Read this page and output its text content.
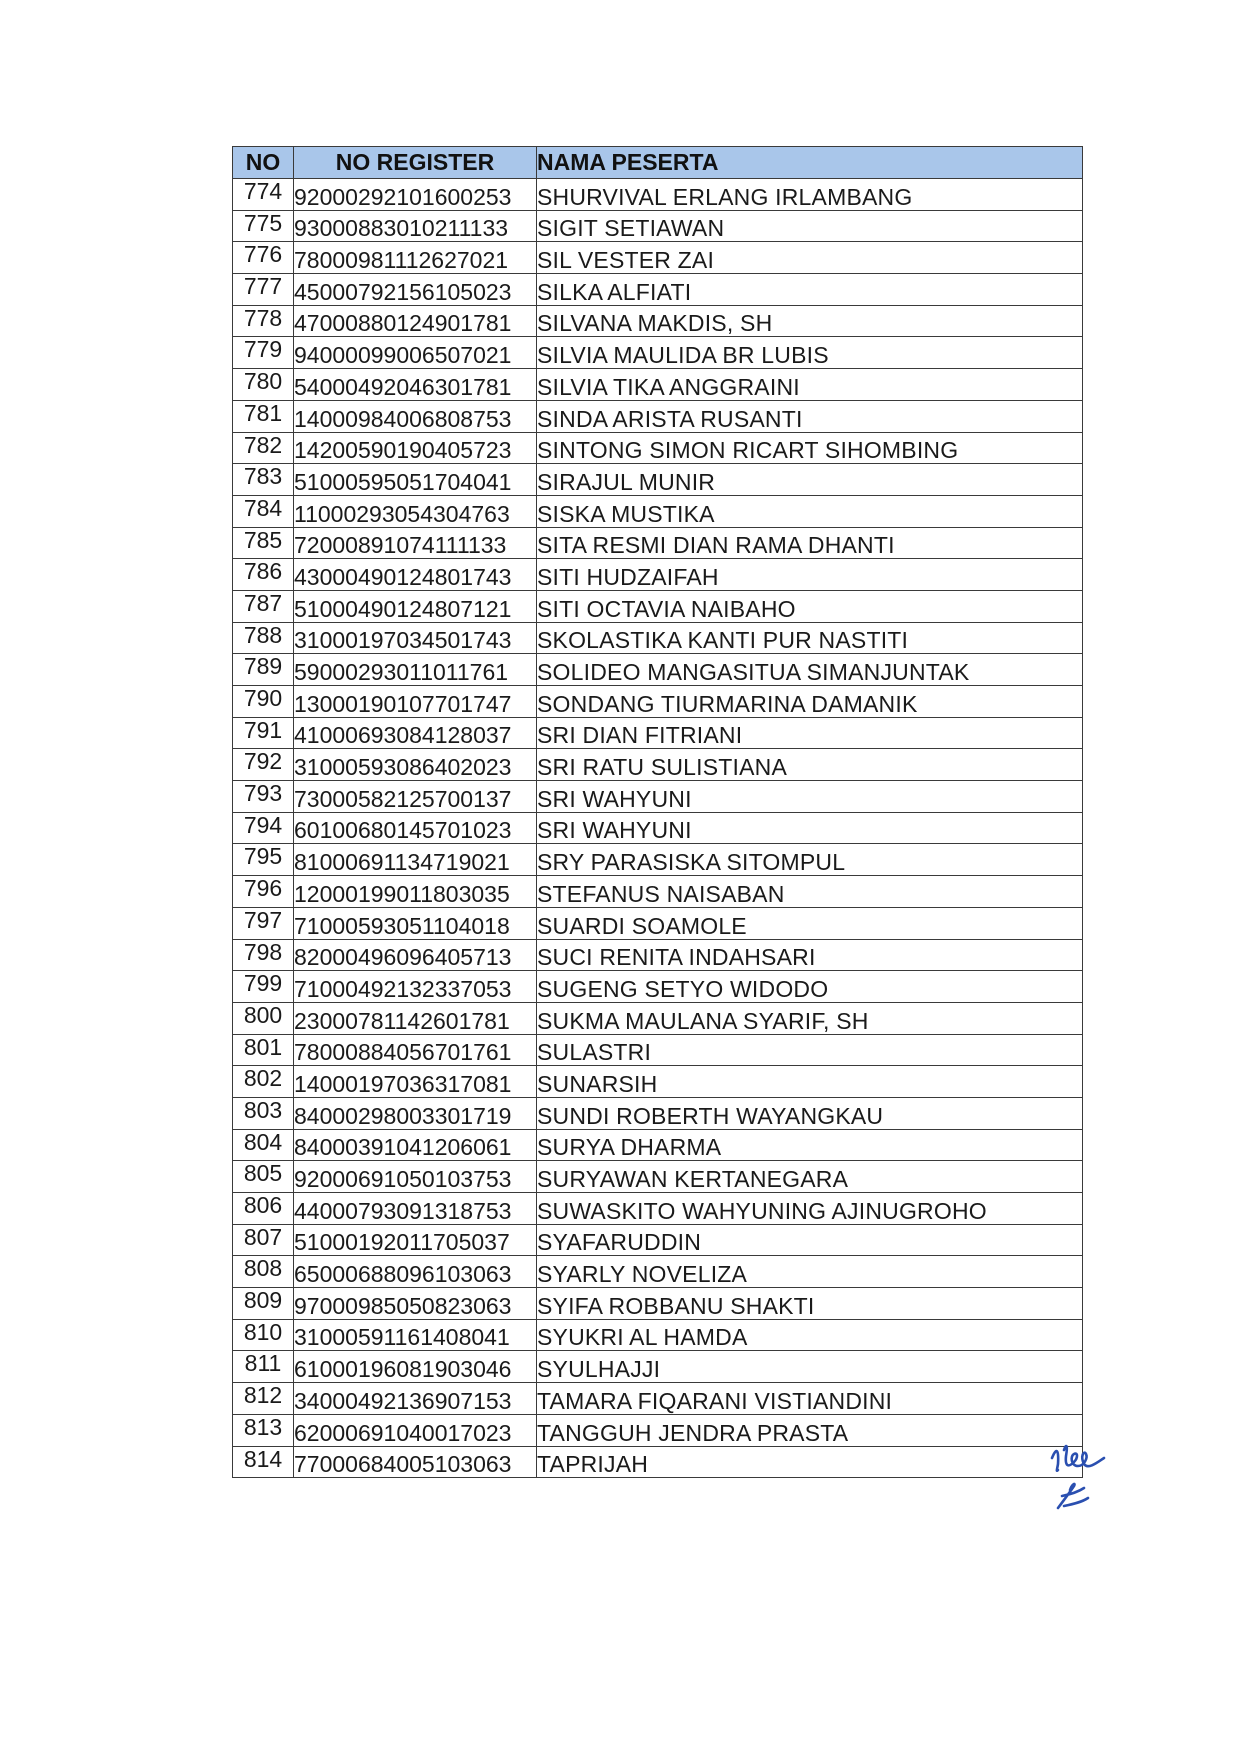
NO	NO REGISTER	NAMA PESERTA
774	92000292101600253	SHURVIVAL ERLANG IRLAMBANG
775	93000883010211133	SIGIT SETIAWAN
776	78000981112627021	SIL VESTER ZAI
777	45000792156105023	SILKA ALFIATI
778	47000880124901781	SILVANA MAKDIS, SH
779	94000099006507021	SILVIA MAULIDA BR LUBIS
780	54000492046301781	SILVIA TIKA ANGGRAINI
781	14000984006808753	SINDA ARISTA RUSANTI
782	14200590190405723	SINTONG SIMON RICART SIHOMBING
783	51000595051704041	SIRAJUL MUNIR
784	11000293054304763	SISKA MUSTIKA
785	72000891074111133	SITA RESMI DIAN RAMA DHANTI
786	43000490124801743	SITI HUDZAIFAH
787	51000490124807121	SITI OCTAVIA NAIBAHO
788	31000197034501743	SKOLASTIKA KANTI PUR NASTITI
789	59000293011011761	SOLIDEO MANGASITUA SIMANJUNTAK
790	13000190107701747	SONDANG TIURMARINA DAMANIK
791	41000693084128037	SRI DIAN FITRIANI
792	31000593086402023	SRI RATU SULISTIANA
793	73000582125700137	SRI WAHYUNI
794	60100680145701023	SRI WAHYUNI
795	81000691134719021	SRY PARASISKA SITOMPUL
796	12000199011803035	STEFANUS NAISABAN
797	71000593051104018	SUARDI SOAMOLE
798	82000496096405713	SUCI RENITA INDAHSARI
799	71000492132337053	SUGENG SETYO WIDODO
800	23000781142601781	SUKMA MAULANA SYARIF, SH
801	78000884056701761	SULASTRI
802	14000197036317081	SUNARSIH
803	84000298003301719	SUNDI ROBERTH WAYANGKAU
804	84000391041206061	SURYA DHARMA
805	92000691050103753	SURYAWAN KERTANEGARA
806	44000793091318753	SUWASKITO WAHYUNING AJINUGROHO
807	51000192011705037	SYAFARUDDIN
808	65000688096103063	SYARLY NOVELIZA
809	97000985050823063	SYIFA ROBBANU SHAKTI
810	31000591161408041	SYUKRI AL HAMDA
811	61000196081903046	SYULHAJJI
812	34000492136907153	TAMARA FIQARANI VISTIANDINI
813	62000691040017023	TANGGUH JENDRA PRASTA
814	77000684005103063	TAPRIJAH
